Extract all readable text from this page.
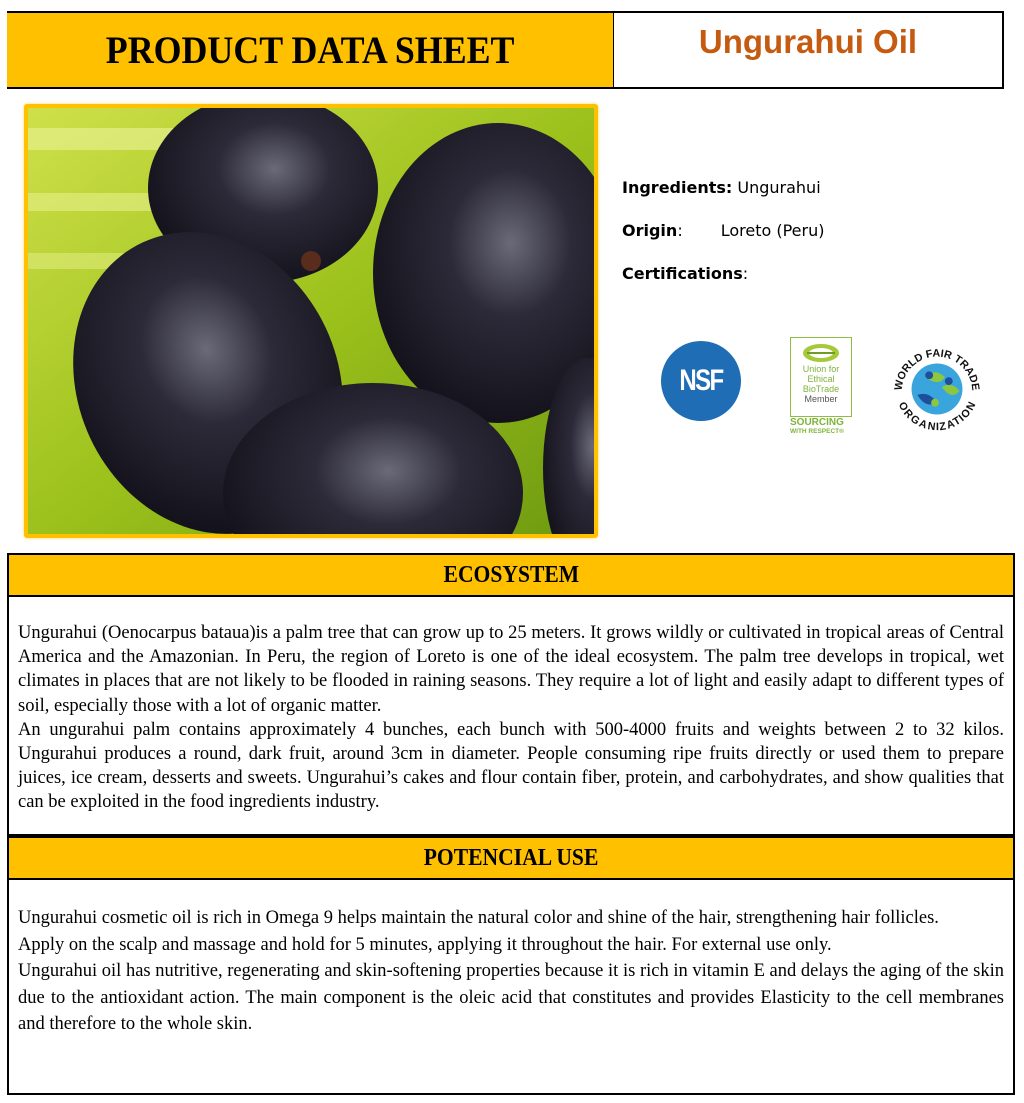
PRODUCT DATA SHEET	Ungurahui Oil
Ingredients: Ungurahui
Origin: Loreto (Peru)
Certifications:
NSF	Union for
Ethical
BioTrade
Member
SOURCING
WITH RESPECT®
WORLD FAIR TRADE
ORGANIZATION
ECOSYSTEM

Ungurahui (Oenocarpus bataua)is a palm tree that can grow up to 25 meters. It grows wildly or cultivated in tropical areas of Central America and the Amazonian. In Peru, the region of Loreto is one of the ideal ecosystem. The palm tree develops in tropical, wet climates in places that are not likely to be flooded in raining seasons. They require a lot of light and easily adapt to different types of soil, especially those with a lot of organic matter.

An ungurahui palm contains approximately 4 bunches, each bunch with 500-4000 fruits and weights between 2 to 32 kilos. Ungurahui produces a round, dark fruit, around 3cm in diameter. People consuming ripe fruits directly or used them to prepare juices, ice cream, desserts and sweets. Ungurahui’s cakes and flour contain fiber, protein, and carbohydrates, and show qualities that can be exploited in the food ingredients industry.

POTENCIAL USE

Ungurahui cosmetic oil is rich in Omega 9 helps maintain the natural color and shine of the hair, strengthening hair follicles.

Apply on the scalp and massage and hold for 5 minutes, applying it throughout the hair. For external use only.

Ungurahui oil has nutritive, regenerating and skin-softening properties because it is rich in vitamin E and delays the aging of the skin due to the antioxidant action. The main component is the oleic acid that constitutes and provides Elasticity to the cell membranes and therefore to the whole skin.
